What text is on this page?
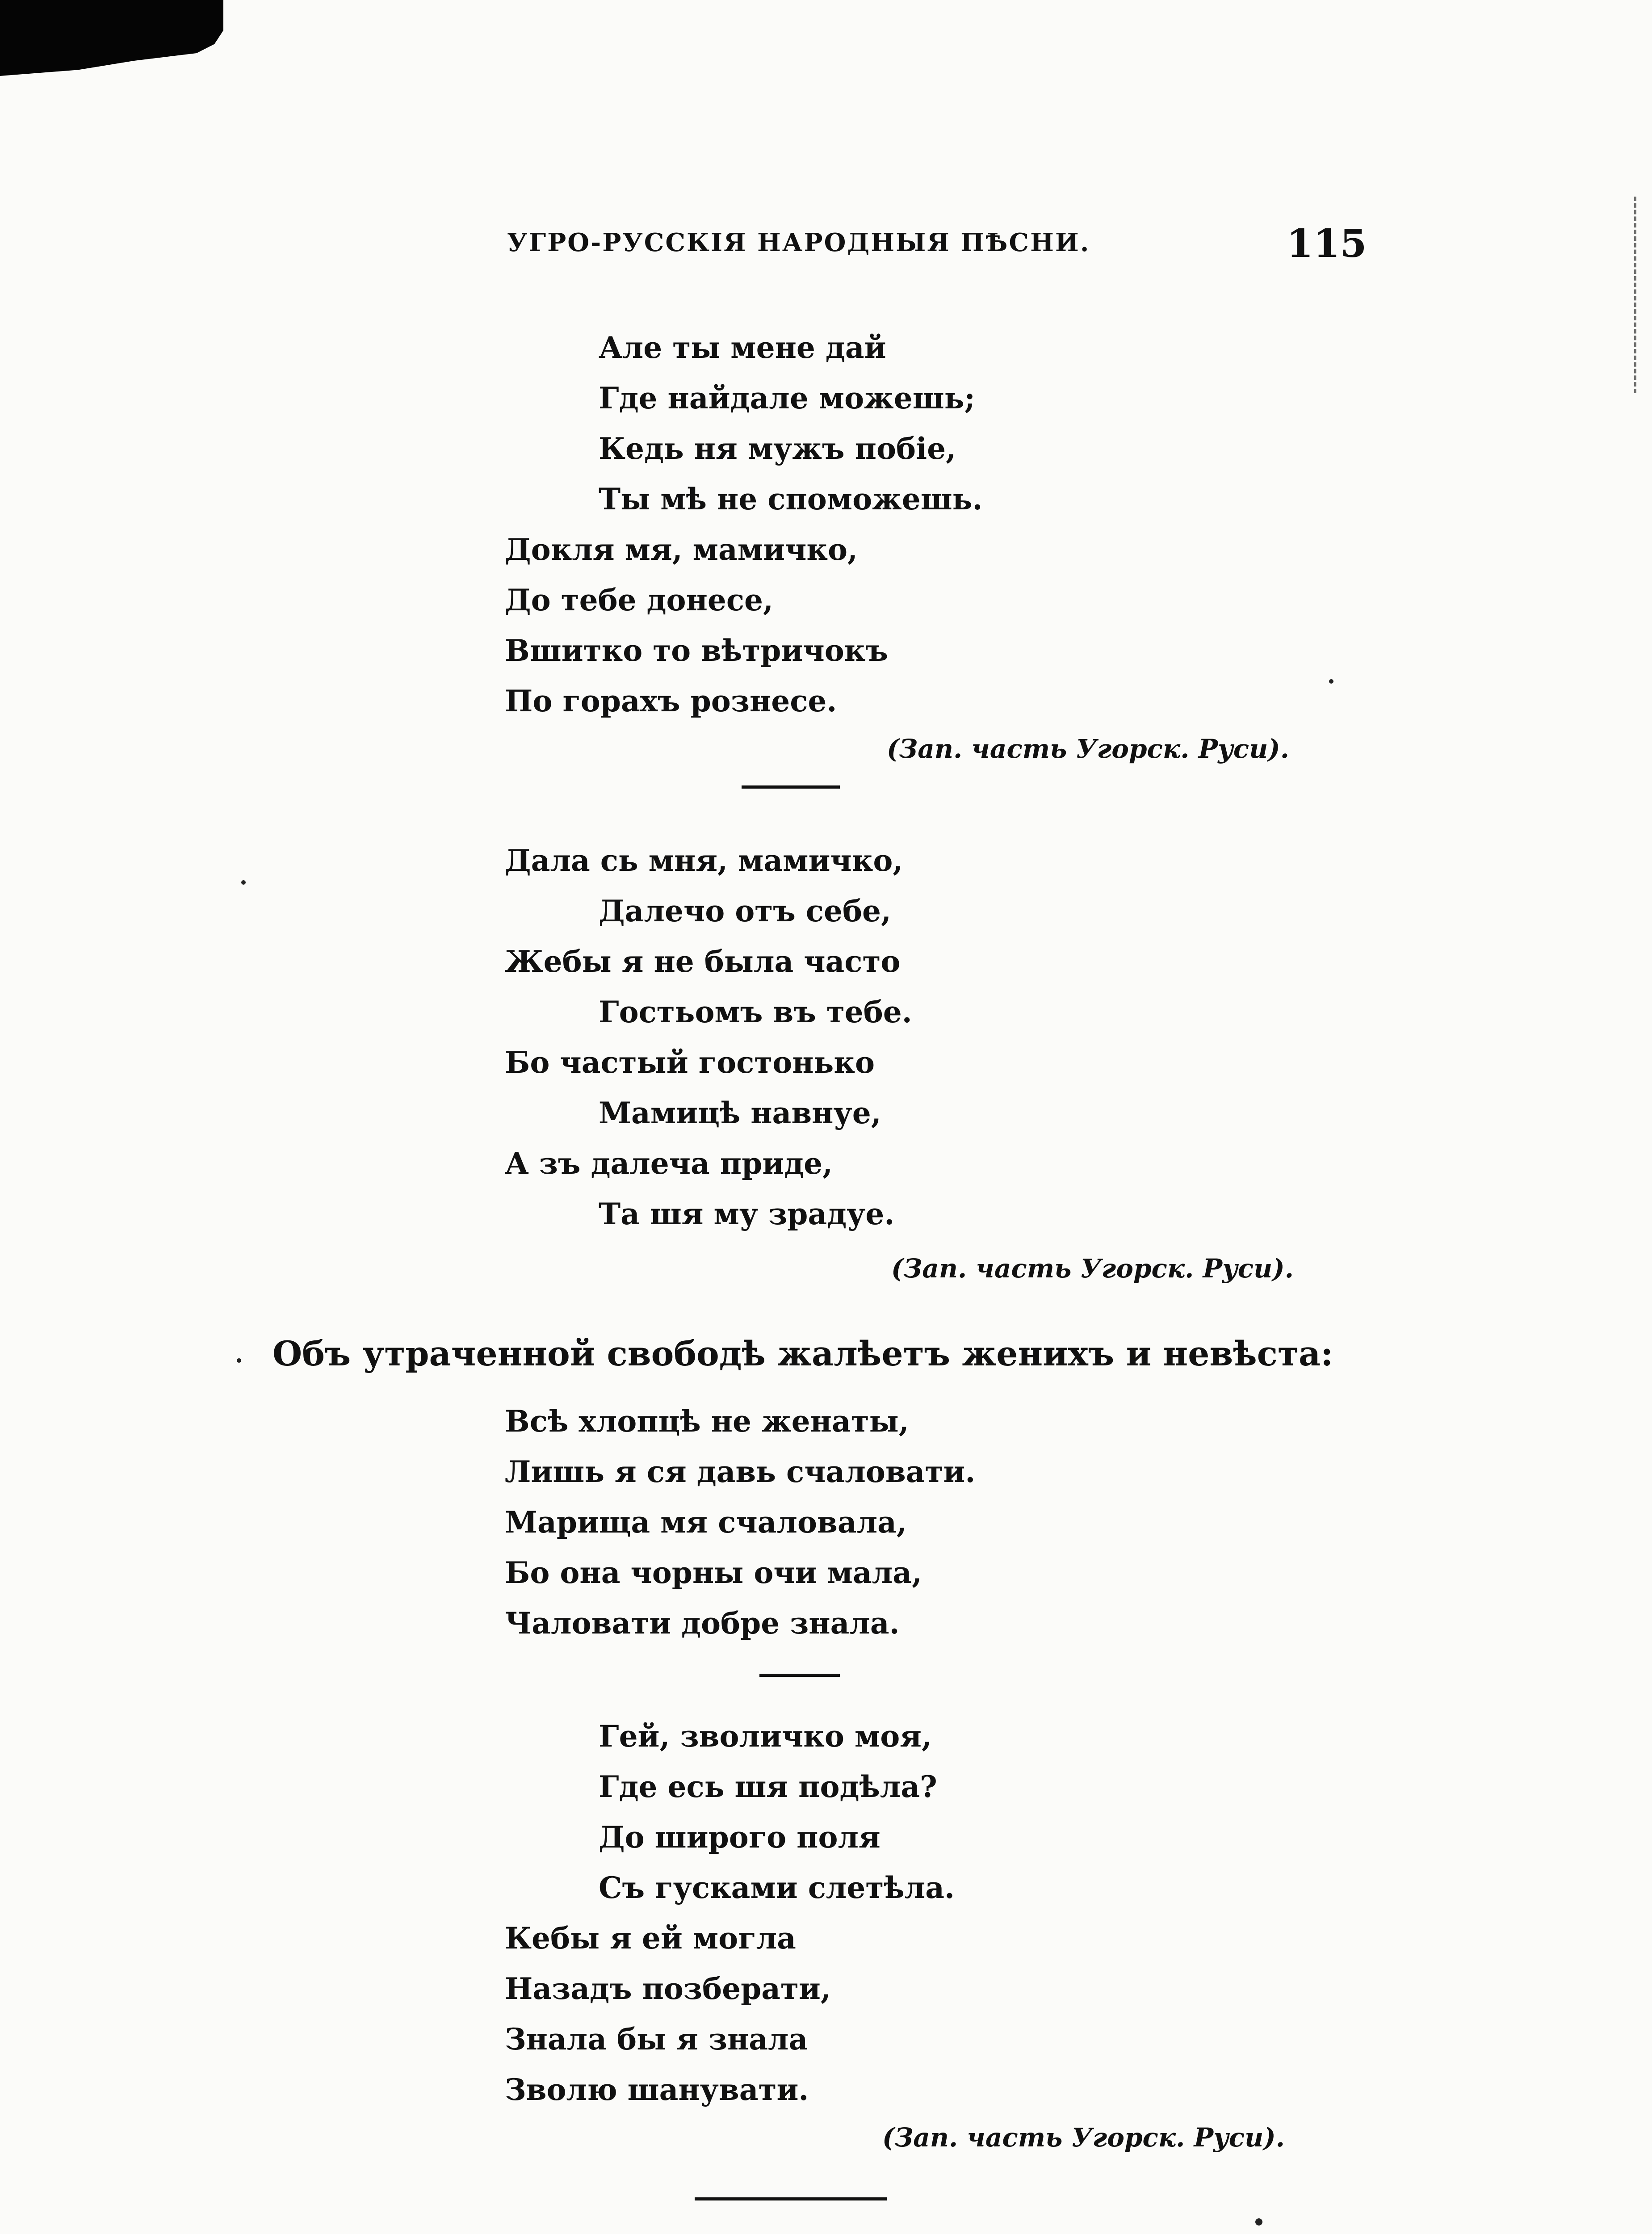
УГРО-РУССКІЯ НАРОДНЫЯ ПѢСНИ.	115
Але ты мене дай
Где найдале можешь;
Кедь ня мужъ побіе,
Ты мѣ не споможешь.
Докля мя, мамичко,
До тебе донесе,
Вшитко то вѣтричокъ
По горахъ рознесе.
(Зап. часть Угорск. Руси).
Дала сь мня, мамичко,
Далечо отъ себе,
Жебы я не была часто
Гостьомъ въ тебе.
Бо частый гостонько
Мамицѣ навнуе,
А зъ далеча приде,
Та шя му зрадуе.
(Зап. часть Угорск. Руси).
Объ утраченной свободѣ жалѣетъ женихъ и невѣста:
Всѣ хлопцѣ не женаты,
Лишь я ся давь счаловати.
Марища мя счаловала,
Бо она чорны очи мала,
Чаловати добре знала.
Гей, зволичко моя,
Где есь шя подѣла?
До широго поля
Съ гусками слетѣла.
Кебы я ей могла
Назадъ позберати,
Знала бы я знала
Зволю шанувати.
(Зап. часть Угорск. Руси).
